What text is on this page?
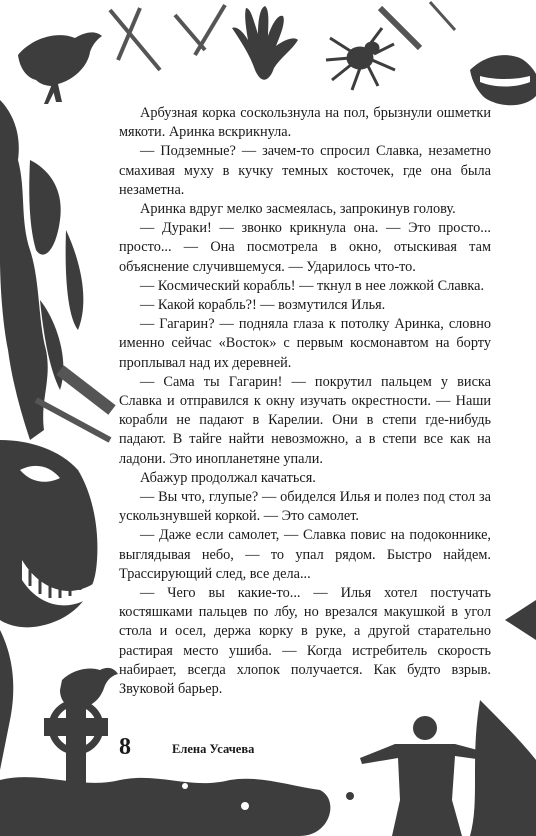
Арбузная корка соскользнула на пол, брызнули ошметки мякоти. Аринка вскрикнула.

— Подземные? — зачем-то спросил Славка, незаметно смахивая муху в кучку темных косточек, где она была незаметна.

Аринка вдруг мелко засмеялась, запрокинув голову.

— Дураки! — звонко крикнула она. — Это просто... просто... — Она посмотрела в окно, отыскивая там объяснение случившемуся. — Ударилось что-то.

— Космический корабль! — ткнул в нее ложкой Славка.

— Какой корабль?! — возмутился Илья.

— Гагарин? — подняла глаза к потолку Аринка, словно именно сейчас «Восток» с первым космонавтом на борту проплывал над их деревней.

— Сама ты Гагарин! — покрутил пальцем у виска Славка и отправился к окну изучать окрестности. — Наши корабли не падают в Карелии. Они в степи где-нибудь падают. В тайге найти невозможно, а в степи все как на ладони. Это инопланетяне упали.

Абажур продолжал качаться.

— Вы что, глупые? — обиделся Илья и полез под стол за ускользнувшей коркой. — Это самолет.

— Даже если самолет, — Славка повис на подоконнике, выглядывая небо, — то упал рядом. Быстро найдем. Трассирующий след, все дела...

— Чего вы какие-то... — Илья хотел постучать костяшками пальцев по лбу, но врезался макушкой в угол стола и осел, держа корку в руке, а другой старательно растирая место ушиба. — Когда истребитель скорость набирает, всегда хлопок получается. Как будто взрыв. Звуковой барьер.

8	Елена Усачева
